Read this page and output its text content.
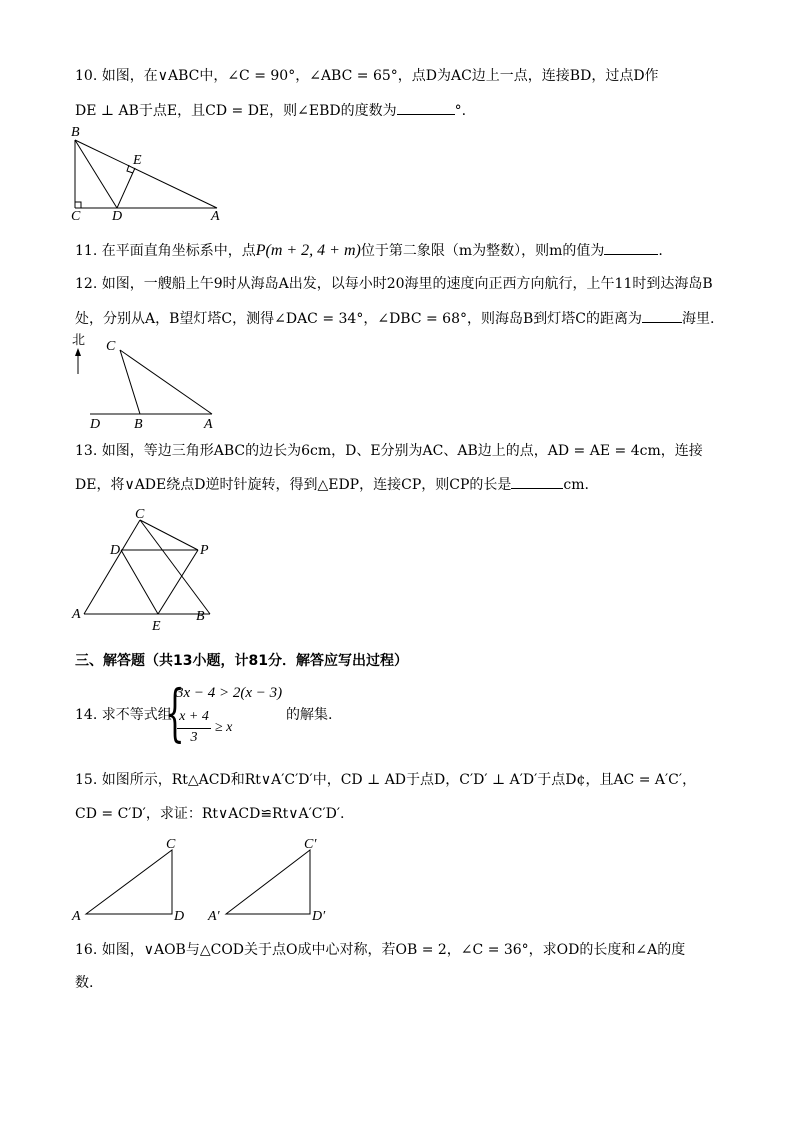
10. 如图，在∨ABC中，∠C = 90°，∠ABC = 65°，点D为AC边上一点，连接BD，过点D作
DE ⊥ AB于点E，且CD = DE，则∠EBD的度数为	°.
B
E
C D	A
11. 在平面直角坐标系中，点P(m + 2, 4 + m)位于第二象限（m为整数），则m的值为	.
12. 如图，一艘船上午9时从海岛A出发，以每小时20海里的速度向正西方向航行，上午11时到达海岛B
处，分别从A，B望灯塔C，测得∠DAC = 34°，∠DBC = 68°，则海岛B到灯塔C的距离为	海里.
北 C
D B	A
13. 如图，等边三角形ABC的边长为6cm，D、E分别为AC、AB边上的点，AD = AE = 4cm，连接
DE，将∨ADE绕点D逆时针旋转，得到△EDP，连接CP，则CP的长是	cm.
C
D	P
A
E
B
三、解答题（共13小题，计81分．解答应写出过程）
14. 求不等式组
{
3x − 4 > 2(x − 3)
x + 4
3
≥ x
的解集.
15. 如图所示，Rt△ACD和Rt∨A′C′D′中，CD ⊥ AD于点D，C′D′ ⊥ A′D′于点D¢，且AC = A′C′，
CD = C′D′，求证：Rt∨ACD≌Rt∨A′C′D′.
C
A	D
C′
A′	D′
16. 如图，∨AOB与△COD关于点O成中心对称，若OB = 2，∠C = 36°，求OD的长度和∠A的度
数.
